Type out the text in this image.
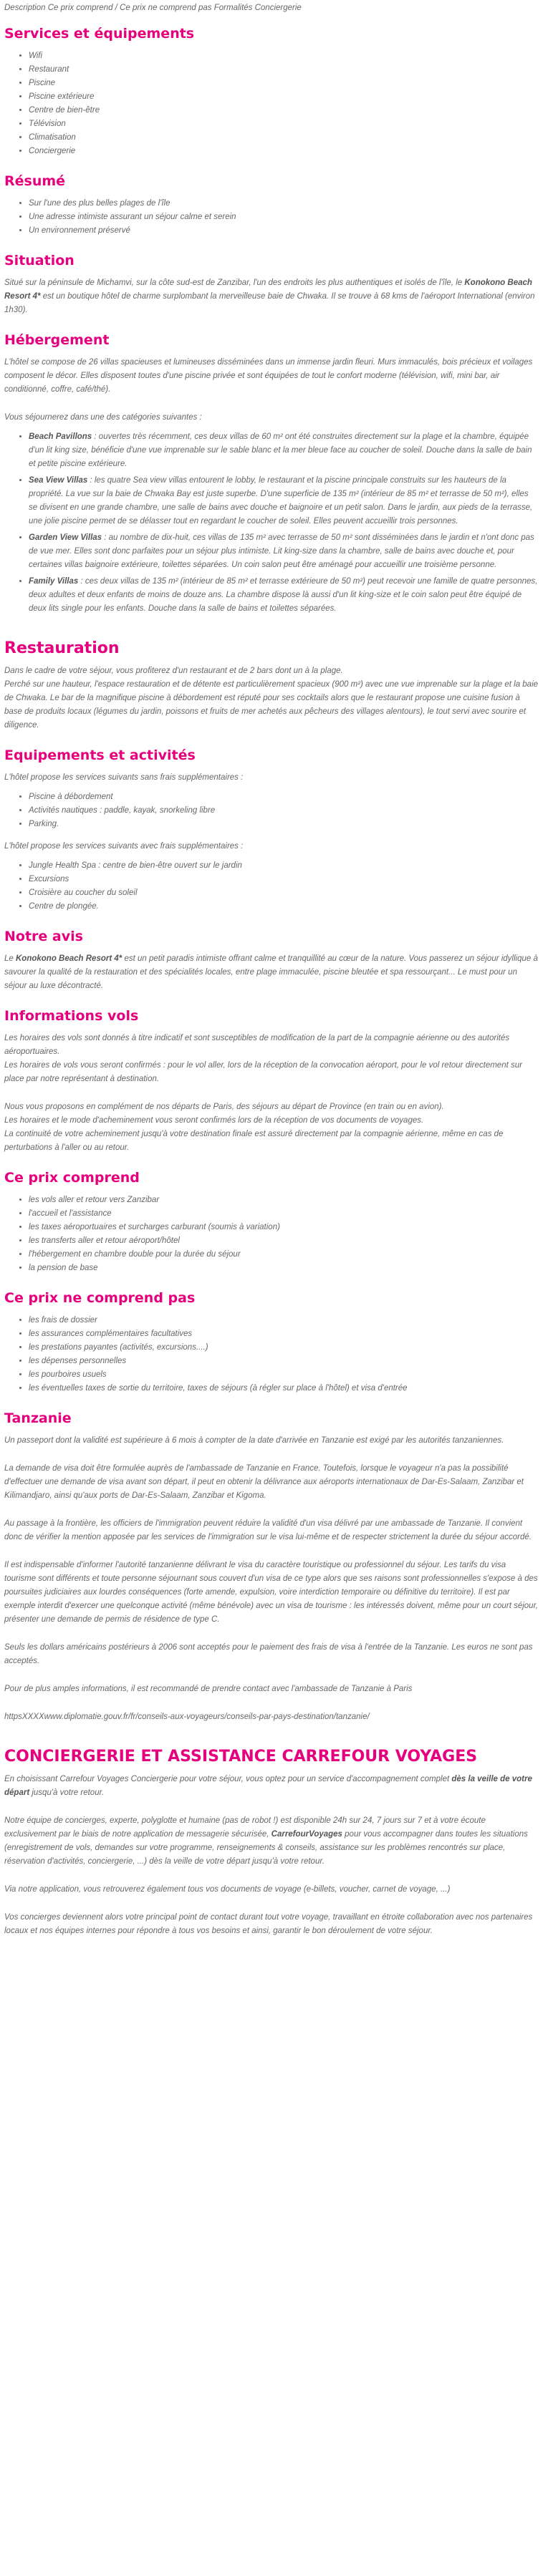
Description Ce prix comprend / Ce prix ne comprend pas Formalités Conciergerie
Services et équipements
• Wifi
• Restaurant
• Piscine
• Piscine extérieure
• Centre de bien-être
• Télévision
• Climatisation
• Conciergerie
Résumé
• Sur l'une des plus belles plages de l'île
• Une adresse intimiste assurant un séjour calme et serein
• Un environnement préservé
Situation

Situé sur la péninsule de Michamvi, sur la côte sud-est de Zanzibar, l'un des endroits les plus authentiques et isolés de l'île, le Konokono Beach Resort 4* est un boutique hôtel de charme surplombant la merveilleuse baie de Chwaka. Il se trouve à 68 kms de l'aéroport International (environ 1h30).

Hébergement

L'hôtel se compose de 26 villas spacieuses et lumineuses disséminées dans un immense jardin fleuri. Murs immaculés, bois précieux et voilages composent le décor. Elles disposent toutes d'une piscine privée et sont équipées de tout le confort moderne (télévision, wifi, mini bar, air conditionné, coffre, café/thé).

Vous séjournerez dans une des catégories suivantes :

• Beach Pavillons : ouvertes très récemment, ces deux villas de 60 m² ont été construites directement sur la plage et la chambre, équipée d'un lit king size, bénéficie d'une vue imprenable sur le sable blanc et la mer bleue face au coucher de soleil. Douche dans la salle de bain et petite piscine extérieure.
• Sea View Villas : les quatre Sea view villas entourent le lobby, le restaurant et la piscine principale construits sur les hauteurs de la propriété. La vue sur la baie de Chwaka Bay est juste superbe. D'une superficie de 135 m² (intérieur de 85 m² et terrasse de 50 m²), elles se divisent en une grande chambre, une salle de bains avec douche et baignoire et un petit salon. Dans le jardin, aux pieds de la terrasse, une jolie piscine permet de se délasser tout en regardant le coucher de soleil. Elles peuvent accueillir trois personnes.
• Garden View Villas : au nombre de dix-huit, ces villas de 135 m² avec terrasse de 50 m² sont disséminées dans le jardin et n'ont donc pas de vue mer. Elles sont donc parfaites pour un séjour plus intimiste. Lit king-size dans la chambre, salle de bains avec douche et, pour certaines villas baignoire extérieure, toilettes séparées. Un coin salon peut être aménagé pour accueillir une troisième personne.
• Family Villas : ces deux villas de 135 m² (intérieur de 85 m² et terrasse extérieure de 50 m²) peut recevoir une famille de quatre personnes, deux adultes et deux enfants de moins de douze ans. La chambre dispose là aussi d'un lit king-size et le coin salon peut être équipé de deux lits single pour les enfants. Douche dans la salle de bains et toilettes séparées.
Restauration

Dans le cadre de votre séjour, vous profiterez d'un restaurant et de 2 bars dont un à la plage.

Perché sur une hauteur, l'espace restauration et de détente est particulièrement spacieux (900 m²) avec une vue imprenable sur la plage et la baie de Chwaka. Le bar de la magnifique piscine à débordement est réputé pour ses cocktails alors que le restaurant propose une cuisine fusion à base de produits locaux (légumes du jardin, poissons et fruits de mer achetés aux pêcheurs des villages alentours), le tout servi avec sourire et diligence.

Equipements et activités

L'hôtel propose les services suivants sans frais supplémentaires :

• Piscine à débordement
• Activités nautiques : paddle, kayak, snorkeling libre
• Parking.

L'hôtel propose les services suivants avec frais supplémentaires :

• Jungle Health Spa : centre de bien-être ouvert sur le jardin
• Excursions
• Croisière au coucher du soleil
• Centre de plongée.
Notre avis

Le Konokono Beach Resort 4* est un petit paradis intimiste offrant calme et tranquillité au cœur de la nature. Vous passerez un séjour idyllique à savourer la qualité de la restauration et des spécialités locales, entre plage immaculée, piscine bleutée et spa ressourçant... Le must pour un séjour au luxe décontracté.

Informations vols

Les horaires des vols sont donnés à titre indicatif et sont susceptibles de modification de la part de la compagnie aérienne ou des autorités aéroportuaires.

Les horaires de vols vous seront confirmés : pour le vol aller, lors de la réception de la convocation aéroport, pour le vol retour directement sur place par notre représentant à destination.

Nous vous proposons en complément de nos départs de Paris, des séjours au départ de Province (en train ou en avion).

Les horaires et le mode d'acheminement vous seront confirmés lors de la réception de vos documents de voyages.

La continuité de votre acheminement jusqu'à votre destination finale est assuré directement par la compagnie aérienne, même en cas de perturbations à l'aller ou au retour.

Ce prix comprend
• les vols aller et retour vers Zanzibar
• l'accueil et l'assistance
• les taxes aéroportuaires et surcharges carburant (soumis à variation)
• les transferts aller et retour aéroport/hôtel
• l'hébergement en chambre double pour la durée du séjour
• la pension de base
Ce prix ne comprend pas
• les frais de dossier
• les assurances complémentaires facultatives
• les prestations payantes (activités, excursions....)
• les dépenses personnelles
• les pourboires usuels
• les éventuelles taxes de sortie du territoire, taxes de séjours (à régler sur place à l'hôtel) et visa d'entrée
Tanzanie

Un passeport dont la validité est supérieure à 6 mois à compter de la date d'arrivée en Tanzanie est exigé par les autorités tanzaniennes.

La demande de visa doit être formulée auprès de l'ambassade de Tanzanie en France. Toutefois, lorsque le voyageur n'a pas la possibilité d'effectuer une demande de visa avant son départ, il peut en obtenir la délivrance aux aéroports internationaux de Dar-Es-Salaam, Zanzibar et Kilimandjaro, ainsi qu'aux ports de Dar-Es-Salaam, Zanzibar et Kigoma.

Au passage à la frontière, les officiers de l'immigration peuvent réduire la validité d'un visa délivré par une ambassade de Tanzanie. Il convient donc de vérifier la mention apposée par les services de l'immigration sur le visa lui-même et de respecter strictement la durée du séjour accordé.

Il est indispensable d'informer l'autorité tanzanienne délivrant le visa du caractère touristique ou professionnel du séjour. Les tarifs du visa tourisme sont différents et toute personne séjournant sous couvert d'un visa de ce type alors que ses raisons sont professionnelles s'expose à des poursuites judiciaires aux lourdes conséquences (forte amende, expulsion, voire interdiction temporaire ou définitive du territoire). Il est par exemple interdit d'exercer une quelconque activité (même bénévole) avec un visa de tourisme : les intéressés doivent, même pour un court séjour, présenter une demande de permis de résidence de type C.

Seuls les dollars américains postérieurs à 2006 sont acceptés pour le paiement des frais de visa à l'entrée de la Tanzanie. Les euros ne sont pas acceptés.

Pour de plus amples informations, il est recommandé de prendre contact avec l'ambassade de Tanzanie à Paris

httpsXXXXwww.diplomatie.gouv.fr/fr/conseils-aux-voyageurs/conseils-par-pays-destination/tanzanie/

CONCIERGERIE ET ASSISTANCE CARREFOUR VOYAGES

En choisissant Carrefour Voyages Conciergerie pour votre séjour, vous optez pour un service d'accompagnement complet dès la veille de votre départ jusqu'à votre retour.

Notre équipe de concierges, experte, polyglotte et humaine (pas de robot !) est disponible 24h sur 24, 7 jours sur 7 et à votre écoute exclusivement par le biais de notre application de messagerie sécurisée, CarrefourVoyages pour vous accompagner dans toutes les situations (enregistrement de vols, demandes sur votre programme, renseignements & conseils, assistance sur les problèmes rencontrés sur place, réservation d'activités, conciergerie, ...) dès la veille de votre départ jusqu'à votre retour.

Via notre application, vous retrouverez également tous vos documents de voyage (e-billets, voucher, carnet de voyage, ...)

Vos concierges deviennent alors votre principal point de contact durant tout votre voyage, travaillant en étroite collaboration avec nos partenaires locaux et nos équipes internes pour répondre à tous vos besoins et ainsi, garantir le bon déroulement de votre séjour.
